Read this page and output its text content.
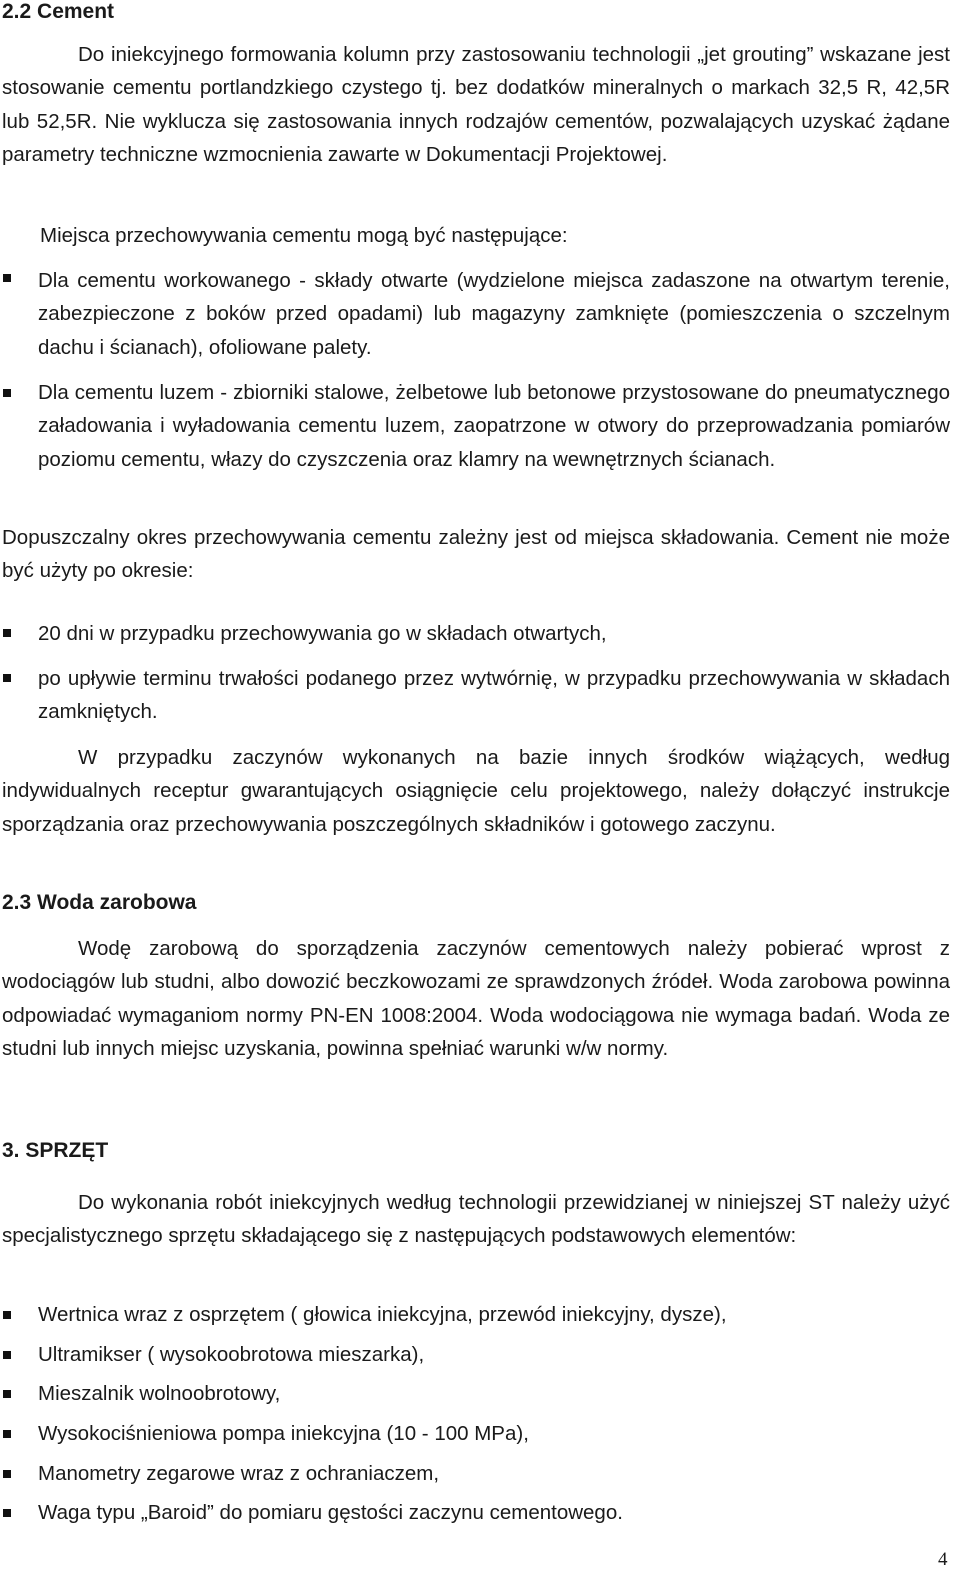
2.2 Cement

Do iniekcyjnego formowania kolumn przy zastosowaniu technologii „jet grouting” wskazane jest stosowanie cementu portlandzkiego czystego tj. bez dodatków mineralnych o markach 32,5 R, 42,5R lub 52,5R. Nie wyklucza się zastosowania innych rodzajów cementów, pozwalających uzyskać żądane parametry techniczne wzmocnienia zawarte w Dokumentacji Projektowej.

Miejsca przechowywania cementu mogą być następujące:

Dla cementu workowanego - składy otwarte (wydzielone miejsca zadaszone na otwartym terenie, zabezpieczone z boków przed opadami) lub magazyny zamknięte (pomieszczenia o szczelnym dachu i ścianach), ofoliowane palety.

Dla cementu luzem - zbiorniki stalowe, żelbetowe lub betonowe przystosowane do pneumatycznego załadowania i wyładowania cementu luzem, zaopatrzone w otwory do przeprowadzania pomiarów poziomu cementu, włazy do czyszczenia oraz klamry na wewnętrznych ścianach.

Dopuszczalny okres przechowywania cementu zależny jest od miejsca składowania. Cement nie może być użyty po okresie:

20 dni w przypadku przechowywania go w składach otwartych,

po upływie terminu trwałości podanego przez wytwórnię, w przypadku przechowywania w składach zamkniętych.

W przypadku zaczynów wykonanych na bazie innych środków wiążących, według indywidualnych receptur gwarantujących osiągnięcie celu projektowego, należy dołączyć instrukcje sporządzania oraz przechowywania poszczególnych składników i gotowego zaczynu.

2.3 Woda zarobowa

Wodę zarobową do sporządzenia zaczynów cementowych należy pobierać wprost z wodociągów lub studni, albo dowozić beczkowozami ze sprawdzonych źródeł. Woda zarobowa powinna odpowiadać wymaganiom normy PN-EN 1008:2004. Woda wodociągowa nie wymaga badań. Woda ze studni lub innych miejsc uzyskania, powinna spełniać warunki w/w normy.

3. SPRZĘT

Do wykonania robót iniekcyjnych według technologii przewidzianej w niniejszej ST należy użyć specjalistycznego sprzętu składającego się z następujących podstawowych elementów:

Wertnica wraz z osprzętem ( głowica iniekcyjna, przewód iniekcyjny, dysze),

Ultramikser ( wysokoobrotowa mieszarka),

Mieszalnik wolnoobrotowy,

Wysokociśnieniowa pompa iniekcyjna (10 - 100 MPa),

Manometry zegarowe wraz z ochraniaczem,

Waga typu „Baroid” do pomiaru gęstości zaczynu cementowego.

4
